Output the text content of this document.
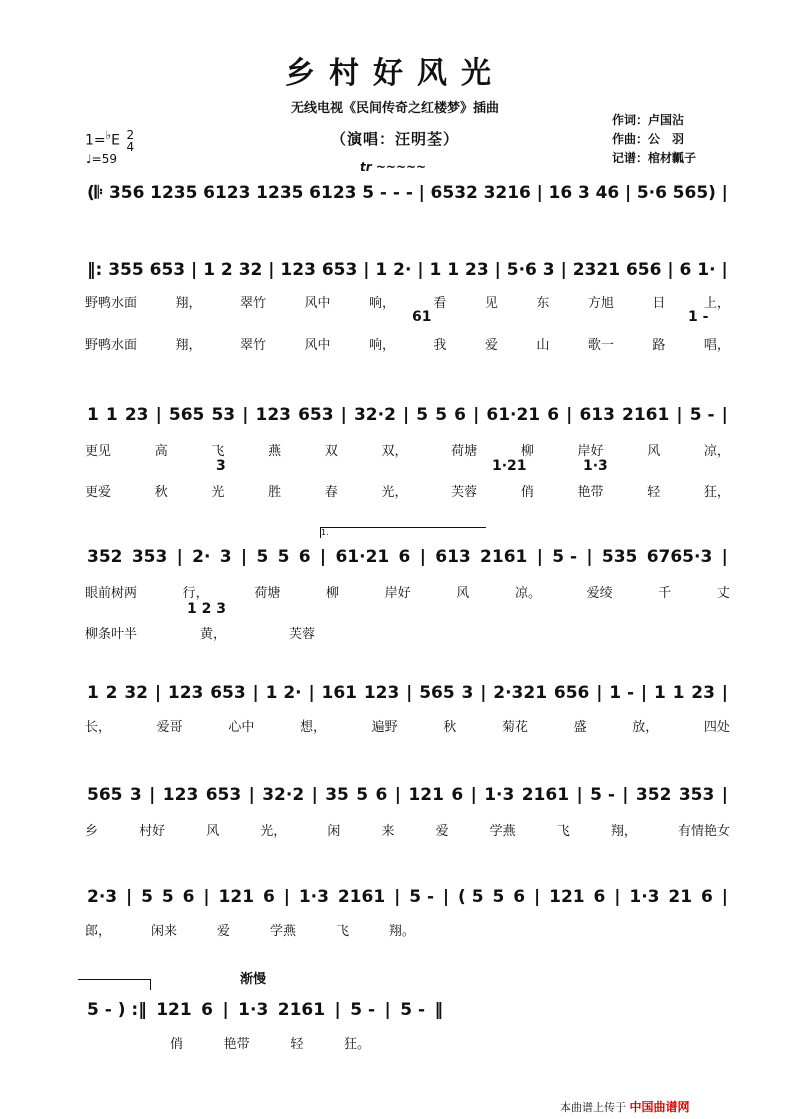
乡村好风光
无线电视《民间传奇之红楼梦》插曲
（演唱：汪明荃）
作词：卢国沾
作曲：公　羽
记谱：棺材瓤子
1=♭E 2
4
♩=59
tr ~~~~~
(𝄆 356 1235 6123 1235 6123 5 - - - | 6532 3216 | 16 3 46 | 5·6 565) |
‖: 355 653 | 1 2 32 | 123 653 | 1 2· | 1 1 23 | 5·6 3 | 2321 656 | 6 1· |
1 1 23 | 565 53 | 123 653 | 32·2 | 5 5 6 | 61·21 6 | 613 2161 | 5 - |
352 353 | 2· 3 | 5 5 6 | 61·21 6 | 613 2161 | 5 - | 535 6765·3 |
1 2 32 | 123 653 | 1 2· | 161 123 | 565 3 | 2·321 656 | 1 - | 1 1 23 |
565 3 | 123 653 | 32·2 | 35 5 6 | 121 6 | 1·3 2161 | 5 - | 352 353 |
2·3 | 5 5 6 | 121 6 | 1·3 2161 | 5 - | ( 5 5 6 | 121 6 | 1·3 21 6 |
5 - ) :‖ 121 6 | 1·3 2161 | 5 - | 5 - ‖
野鸭水面	翔，	翠竹	风中	响，	看	见	东	方旭	日	上，
61	1 -
野鸭水面	翔，	翠竹	风中	响，	我	爱	山	歌一	路	唱，
更见	高	飞	燕	双	双，	荷塘	柳	岸好	风	凉，
3	1·21	1·3
更爱	秋	光	胜	春	光，	芙蓉	俏	艳带	轻	狂，
眼前树两	行，	荷塘	柳	岸好	风	凉。	爱绫	千	丈
1 2 3
柳条叶半	黄，	芙蓉
长，	爱哥	心中	想，	遍野	秋	菊花	盛	放，	四处
乡	村好	风	光，	闲	来	爱	学燕	飞	翔，	有情艳女
郎，	闲来	爱	学燕	飞	翔。
俏	艳带	轻	狂。
渐慢
1.
本曲谱上传于 中国曲谱网
